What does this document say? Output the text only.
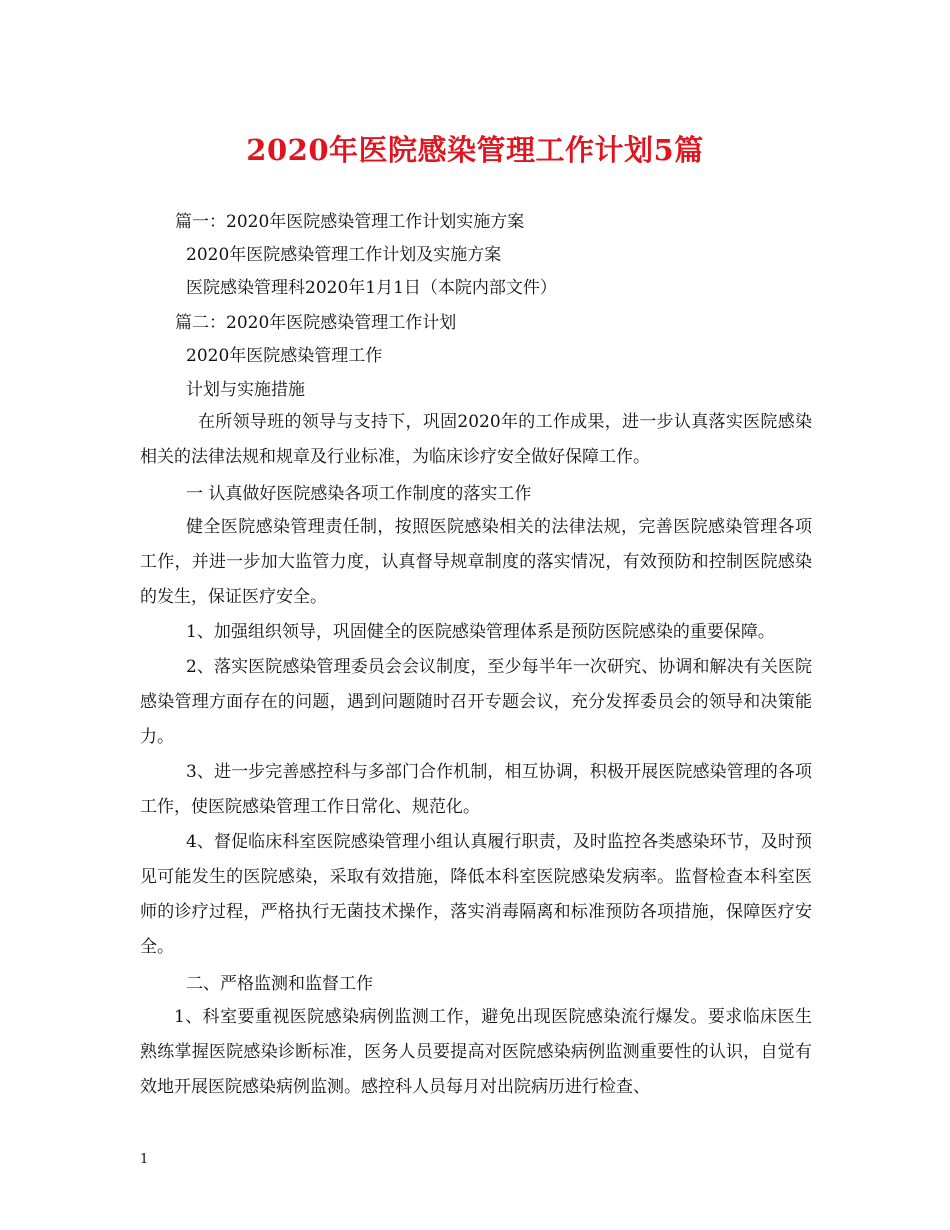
2020年医院感染管理工作计划5篇
篇一：2020年医院感染管理工作计划实施方案
2020年医院感染管理工作计划及实施方案
医院感染管理科2020年1月1日（本院内部文件）
篇二：2020年医院感染管理工作计划
2020年医院感染管理工作
计划与实施措施
在所领导班的领导与支持下，巩固2020年的工作成果，进一步认真落实医院感染相关的法律法规和规章及行业标准，为临床诊疗安全做好保障工作。
一 认真做好医院感染各项工作制度的落实工作
健全医院感染管理责任制，按照医院感染相关的法律法规，完善医院感染管理各项工作，并进一步加大监管力度，认真督导规章制度的落实情况，有效预防和控制医院感染的发生，保证医疗安全。
1、加强组织领导，巩固健全的医院感染管理体系是预防医院感染的重要保障。
2、落实医院感染管理委员会会议制度，至少每半年一次研究、协调和解决有关医院感染管理方面存在的问题，遇到问题随时召开专题会议，充分发挥委员会的领导和决策能力。
3、进一步完善感控科与多部门合作机制，相互协调，积极开展医院感染管理的各项工作，使医院感染管理工作日常化、规范化。
4、督促临床科室医院感染管理小组认真履行职责，及时监控各类感染环节，及时预见可能发生的医院感染，采取有效措施，降低本科室医院感染发病率。监督检查本科室医师的诊疗过程，严格执行无菌技术操作，落实消毒隔离和标准预防各项措施，保障医疗安全。
二、严格监测和监督工作
1、科室要重视医院感染病例监测工作，避免出现医院感染流行爆发。要求临床医生熟练掌握医院感染诊断标准，医务人员要提高对医院感染病例监测重要性的认识，自觉有效地开展医院感染病例监测。感控科人员每月对出院病历进行检查、
1
